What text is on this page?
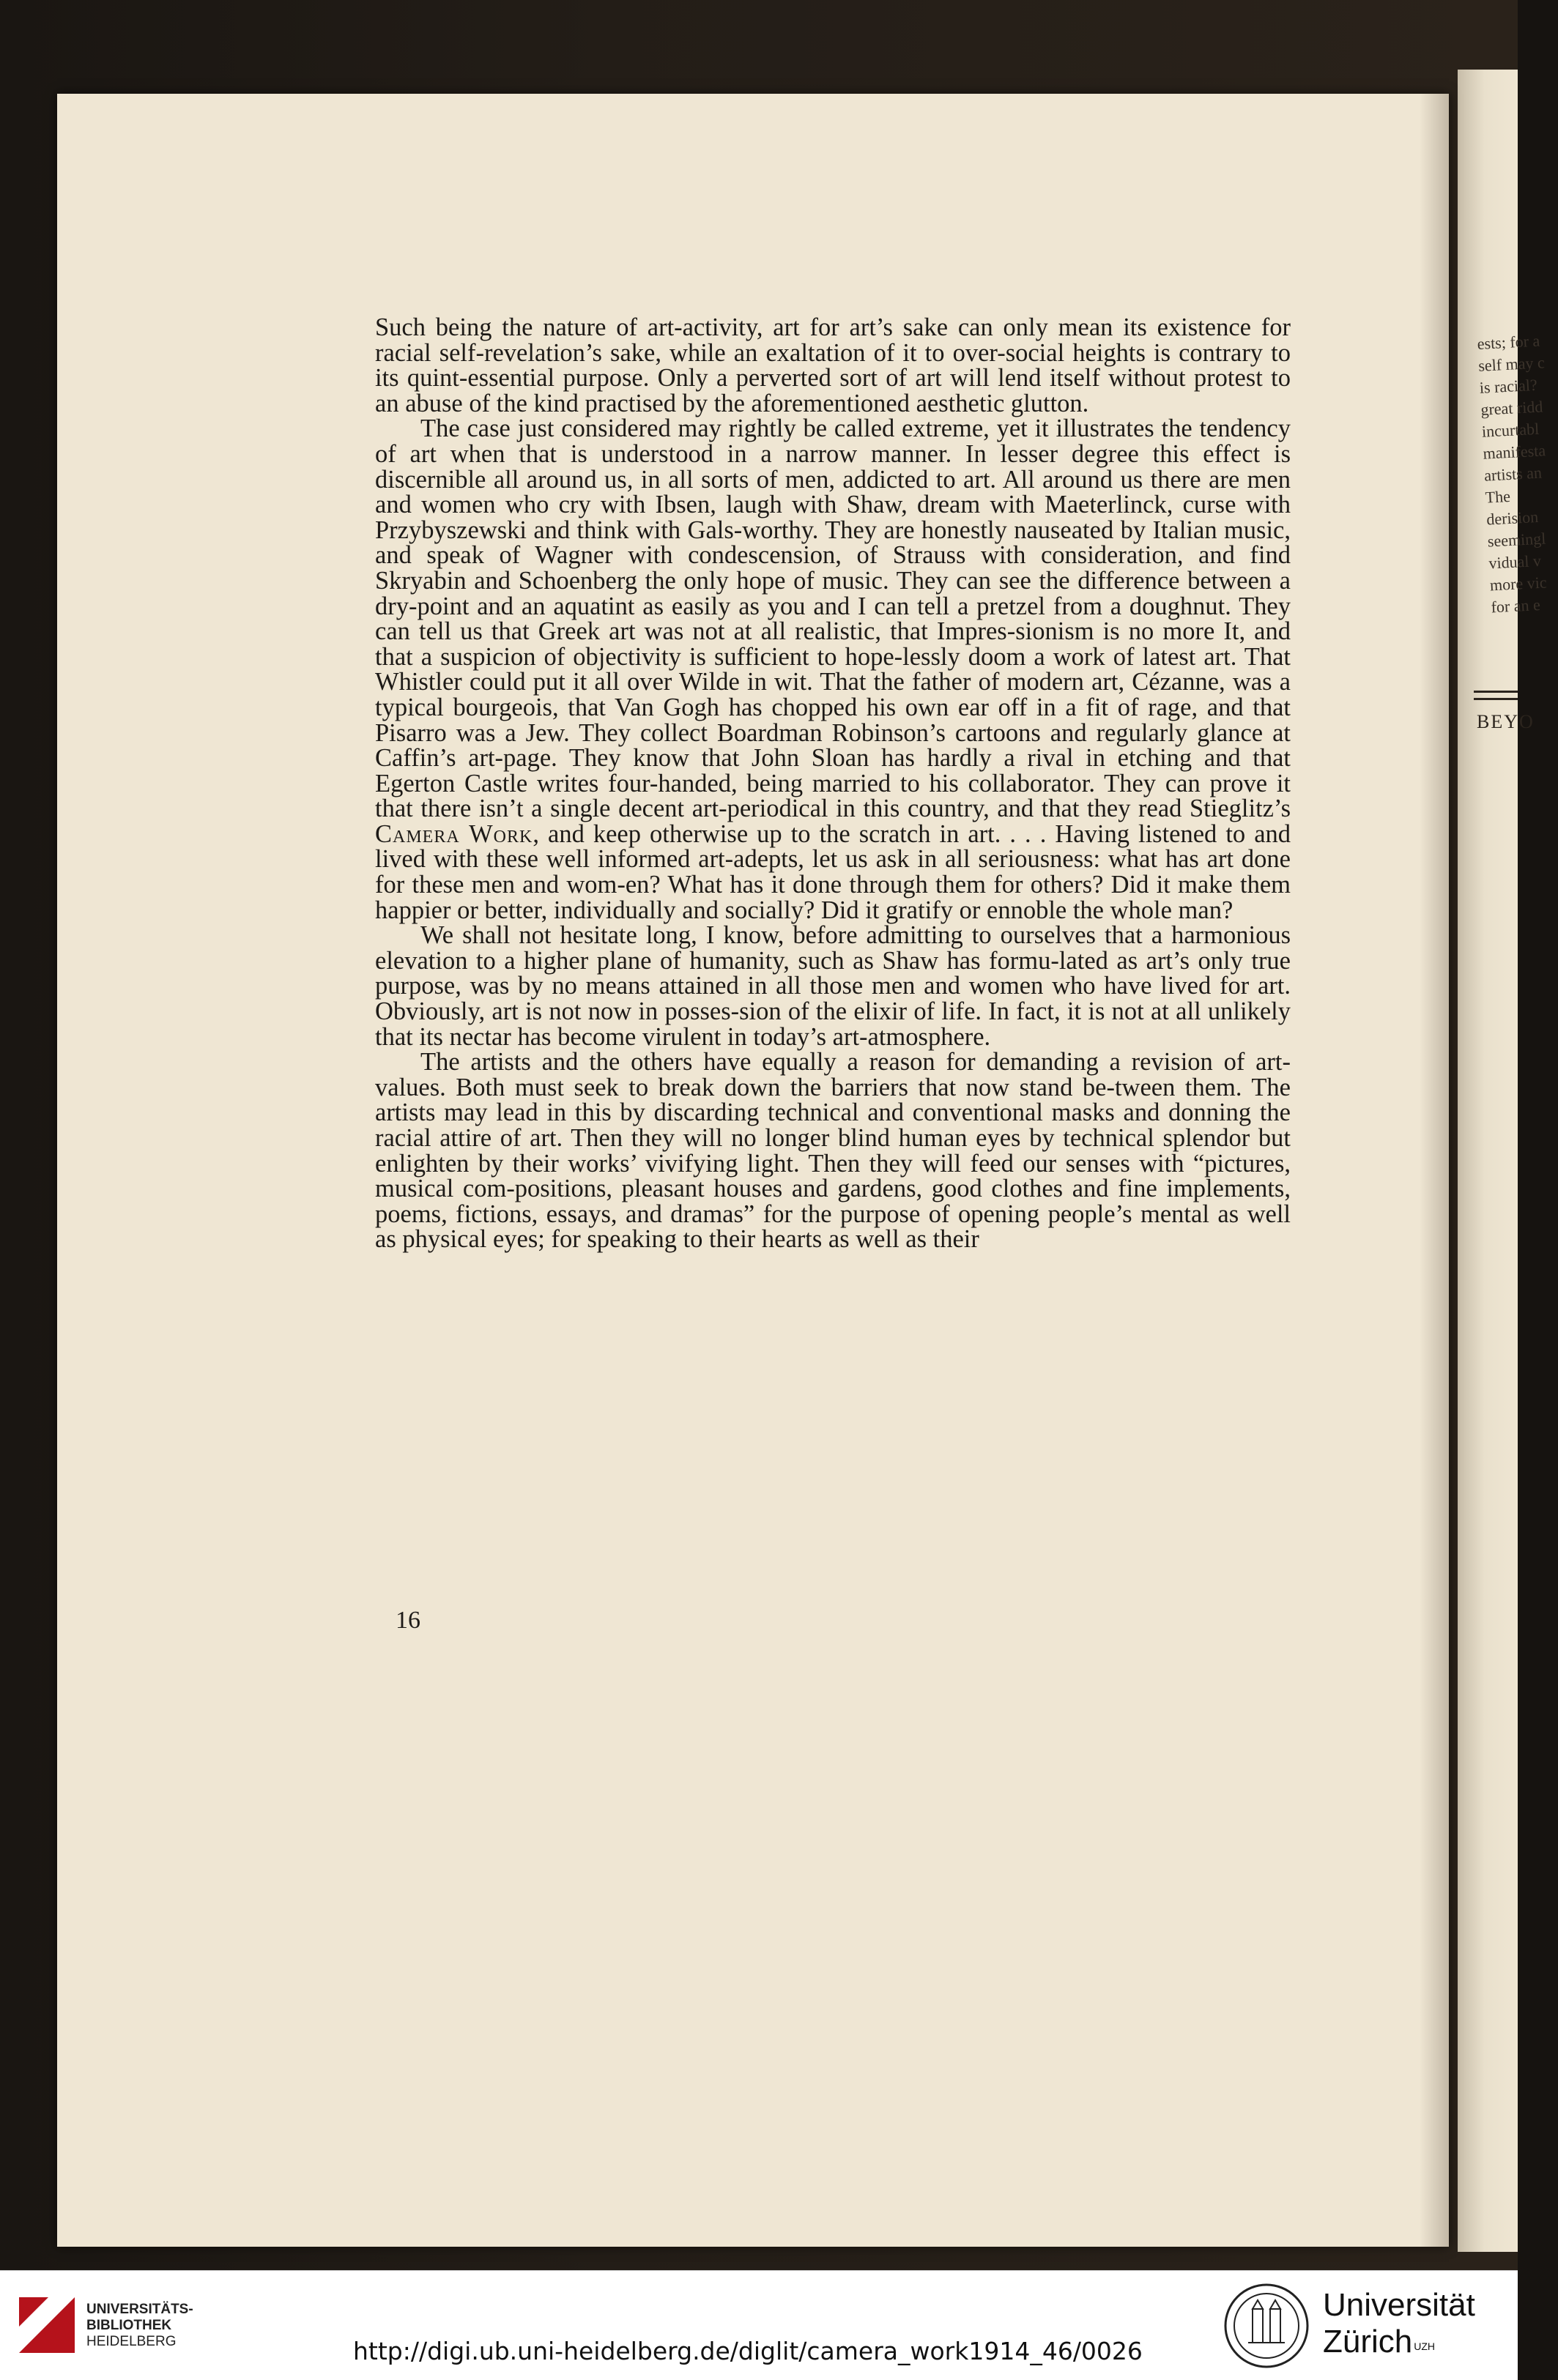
ests; for a
self may c
is racial?
great ridd
incurtabl
manifesta
artists an
The
derision
seemingl
vidual v
more vic
for an e
BEYO

Such being the nature of art-activity, art for art’s sake can only mean its existence for racial self-revelation’s sake, while an exaltation of it to over-social heights is contrary to its quint-essential purpose. Only a perverted sort of art will lend itself without protest to an abuse of the kind practised by the aforementioned aesthetic glutton.

The case just considered may rightly be called extreme, yet it illustrates the tendency of art when that is understood in a narrow manner. In lesser degree this effect is discernible all around us, in all sorts of men, addicted to art. All around us there are men and women who cry with Ibsen, laugh with Shaw, dream with Maeterlinck, curse with Przybyszewski and think with Gals-worthy. They are honestly nauseated by Italian music, and speak of Wagner with condescension, of Strauss with consideration, and find Skryabin and Schoenberg the only hope of music. They can see the difference between a dry-point and an aquatint as easily as you and I can tell a pretzel from a doughnut. They can tell us that Greek art was not at all realistic, that Impres-sionism is no more It, and that a suspicion of objectivity is sufficient to hope-lessly doom a work of latest art. That Whistler could put it all over Wilde in wit. That the father of modern art, Cézanne, was a typical bourgeois, that Van Gogh has chopped his own ear off in a fit of rage, and that Pisarro was a Jew. They collect Boardman Robinson’s cartoons and regularly glance at Caffin’s art-page. They know that John Sloan has hardly a rival in etching and that Egerton Castle writes four-handed, being married to his collaborator. They can prove it that there isn’t a single decent art-periodical in this country, and that they read Stieglitz’s Camera Work, and keep otherwise up to the scratch in art. . . . Having listened to and lived with these well informed art-adepts, let us ask in all seriousness: what has art done for these men and wom-en? What has it done through them for others? Did it make them happier or better, individually and socially? Did it gratify or ennoble the whole man?

We shall not hesitate long, I know, before admitting to ourselves that a harmonious elevation to a higher plane of humanity, such as Shaw has formu-lated as art’s only true purpose, was by no means attained in all those men and women who have lived for art. Obviously, art is not now in posses-sion of the elixir of life. In fact, it is not at all unlikely that its nectar has become virulent in today’s art-atmosphere.

The artists and the others have equally a reason for demanding a revision of art-values. Both must seek to break down the barriers that now stand be-tween them. The artists may lead in this by discarding technical and conventional masks and donning the racial attire of art. Then they will no longer blind human eyes by technical splendor but enlighten by their works’ vivifying light. Then they will feed our senses with “pictures, musical com-positions, pleasant houses and gardens, good clothes and fine implements, poems, fictions, essays, and dramas” for the purpose of opening people’s mental as well as physical eyes; for speaking to their hearts as well as their

16
UNIVERSITÄTS-
BIBLIOTHEK
HEIDELBERG	http://digi.ub.uni-heidelberg.de/diglit/camera_work1914_46/0026
Universität
Zürich $^{UZH}$
